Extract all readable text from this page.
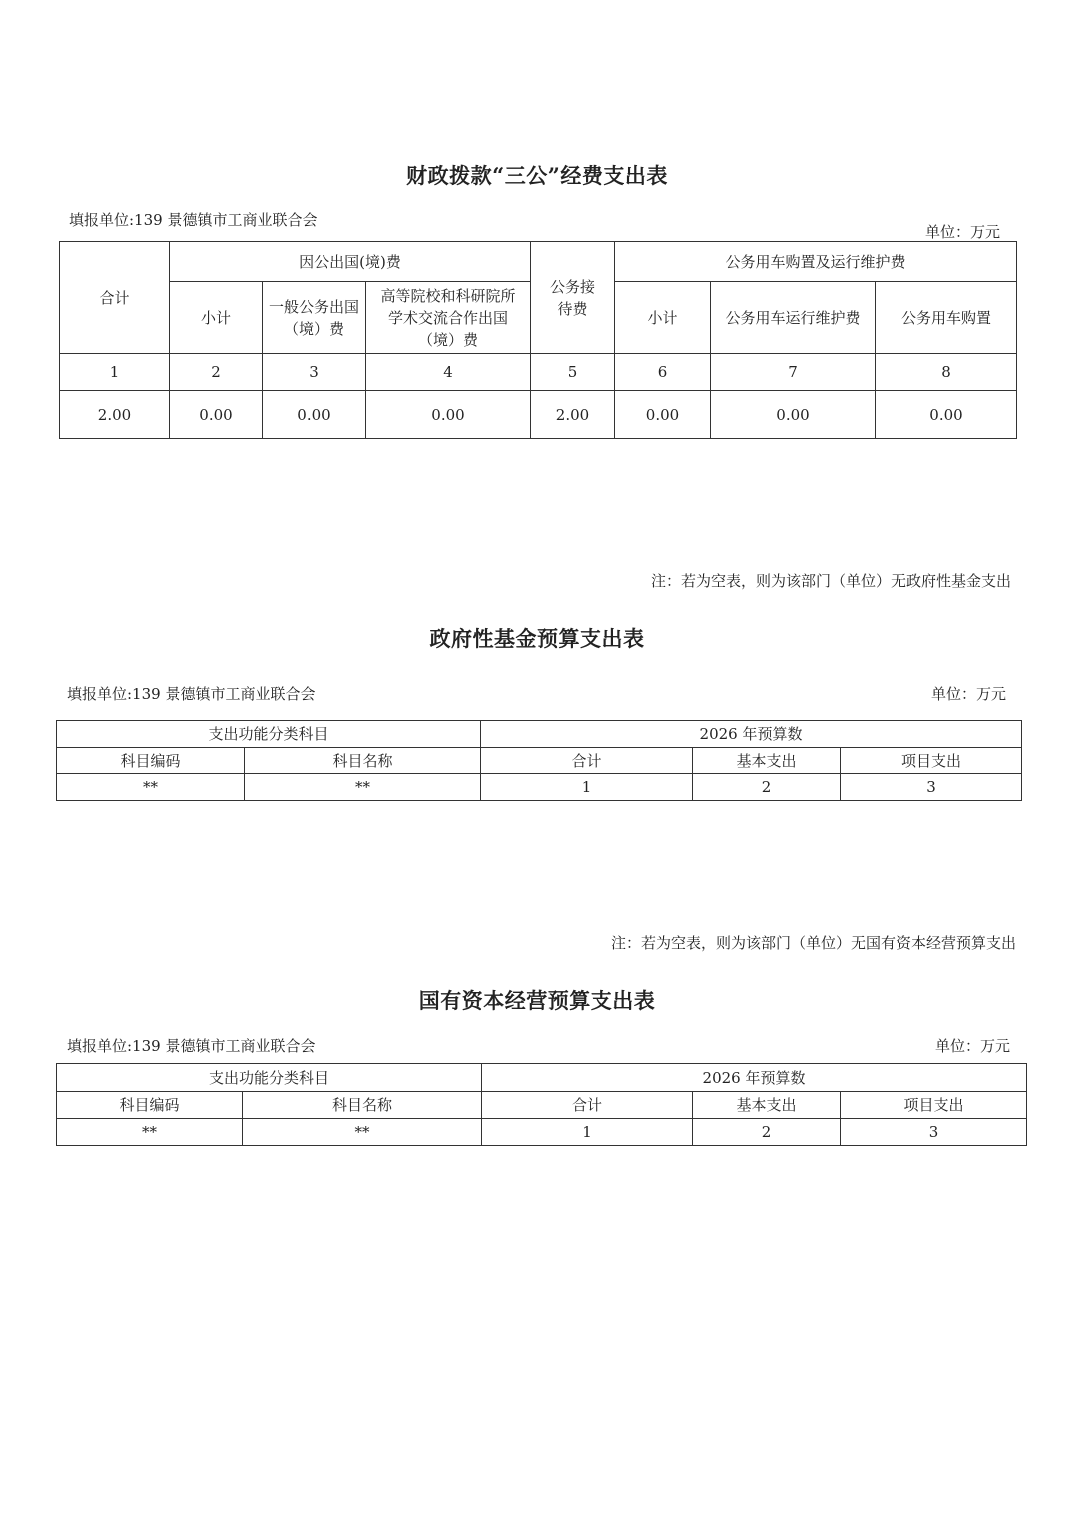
财政拨款“三公”经费支出表
填报单位:139 景德镇市工商业联合会
单位：万元
合计	因公出国(境)费			公务接待费	公务用车购置及运行维护费		
	小计	一般公务出国（境）费	高等院校和科研院所学术交流合作出国（境）费		小计	公务用车运行维护费	公务用车购置
1	2	3	4	5	6	7	8
2.00	0.00	0.00	0.00	2.00	0.00	0.00	0.00
注：若为空表，则为该部门（单位）无政府性基金支出
政府性基金预算支出表
填报单位:139 景德镇市工商业联合会	单位：万元
支出功能分类科目		2026 年预算数		
科目编码	科目名称	合计	基本支出	项目支出
**	**	1	2	3
注：若为空表，则为该部门（单位）无国有资本经营预算支出
国有资本经营预算支出表
填报单位:139 景德镇市工商业联合会	单位：万元
支出功能分类科目		2026 年预算数		
科目编码	科目名称	合计	基本支出	项目支出
**	**	1	2	3
